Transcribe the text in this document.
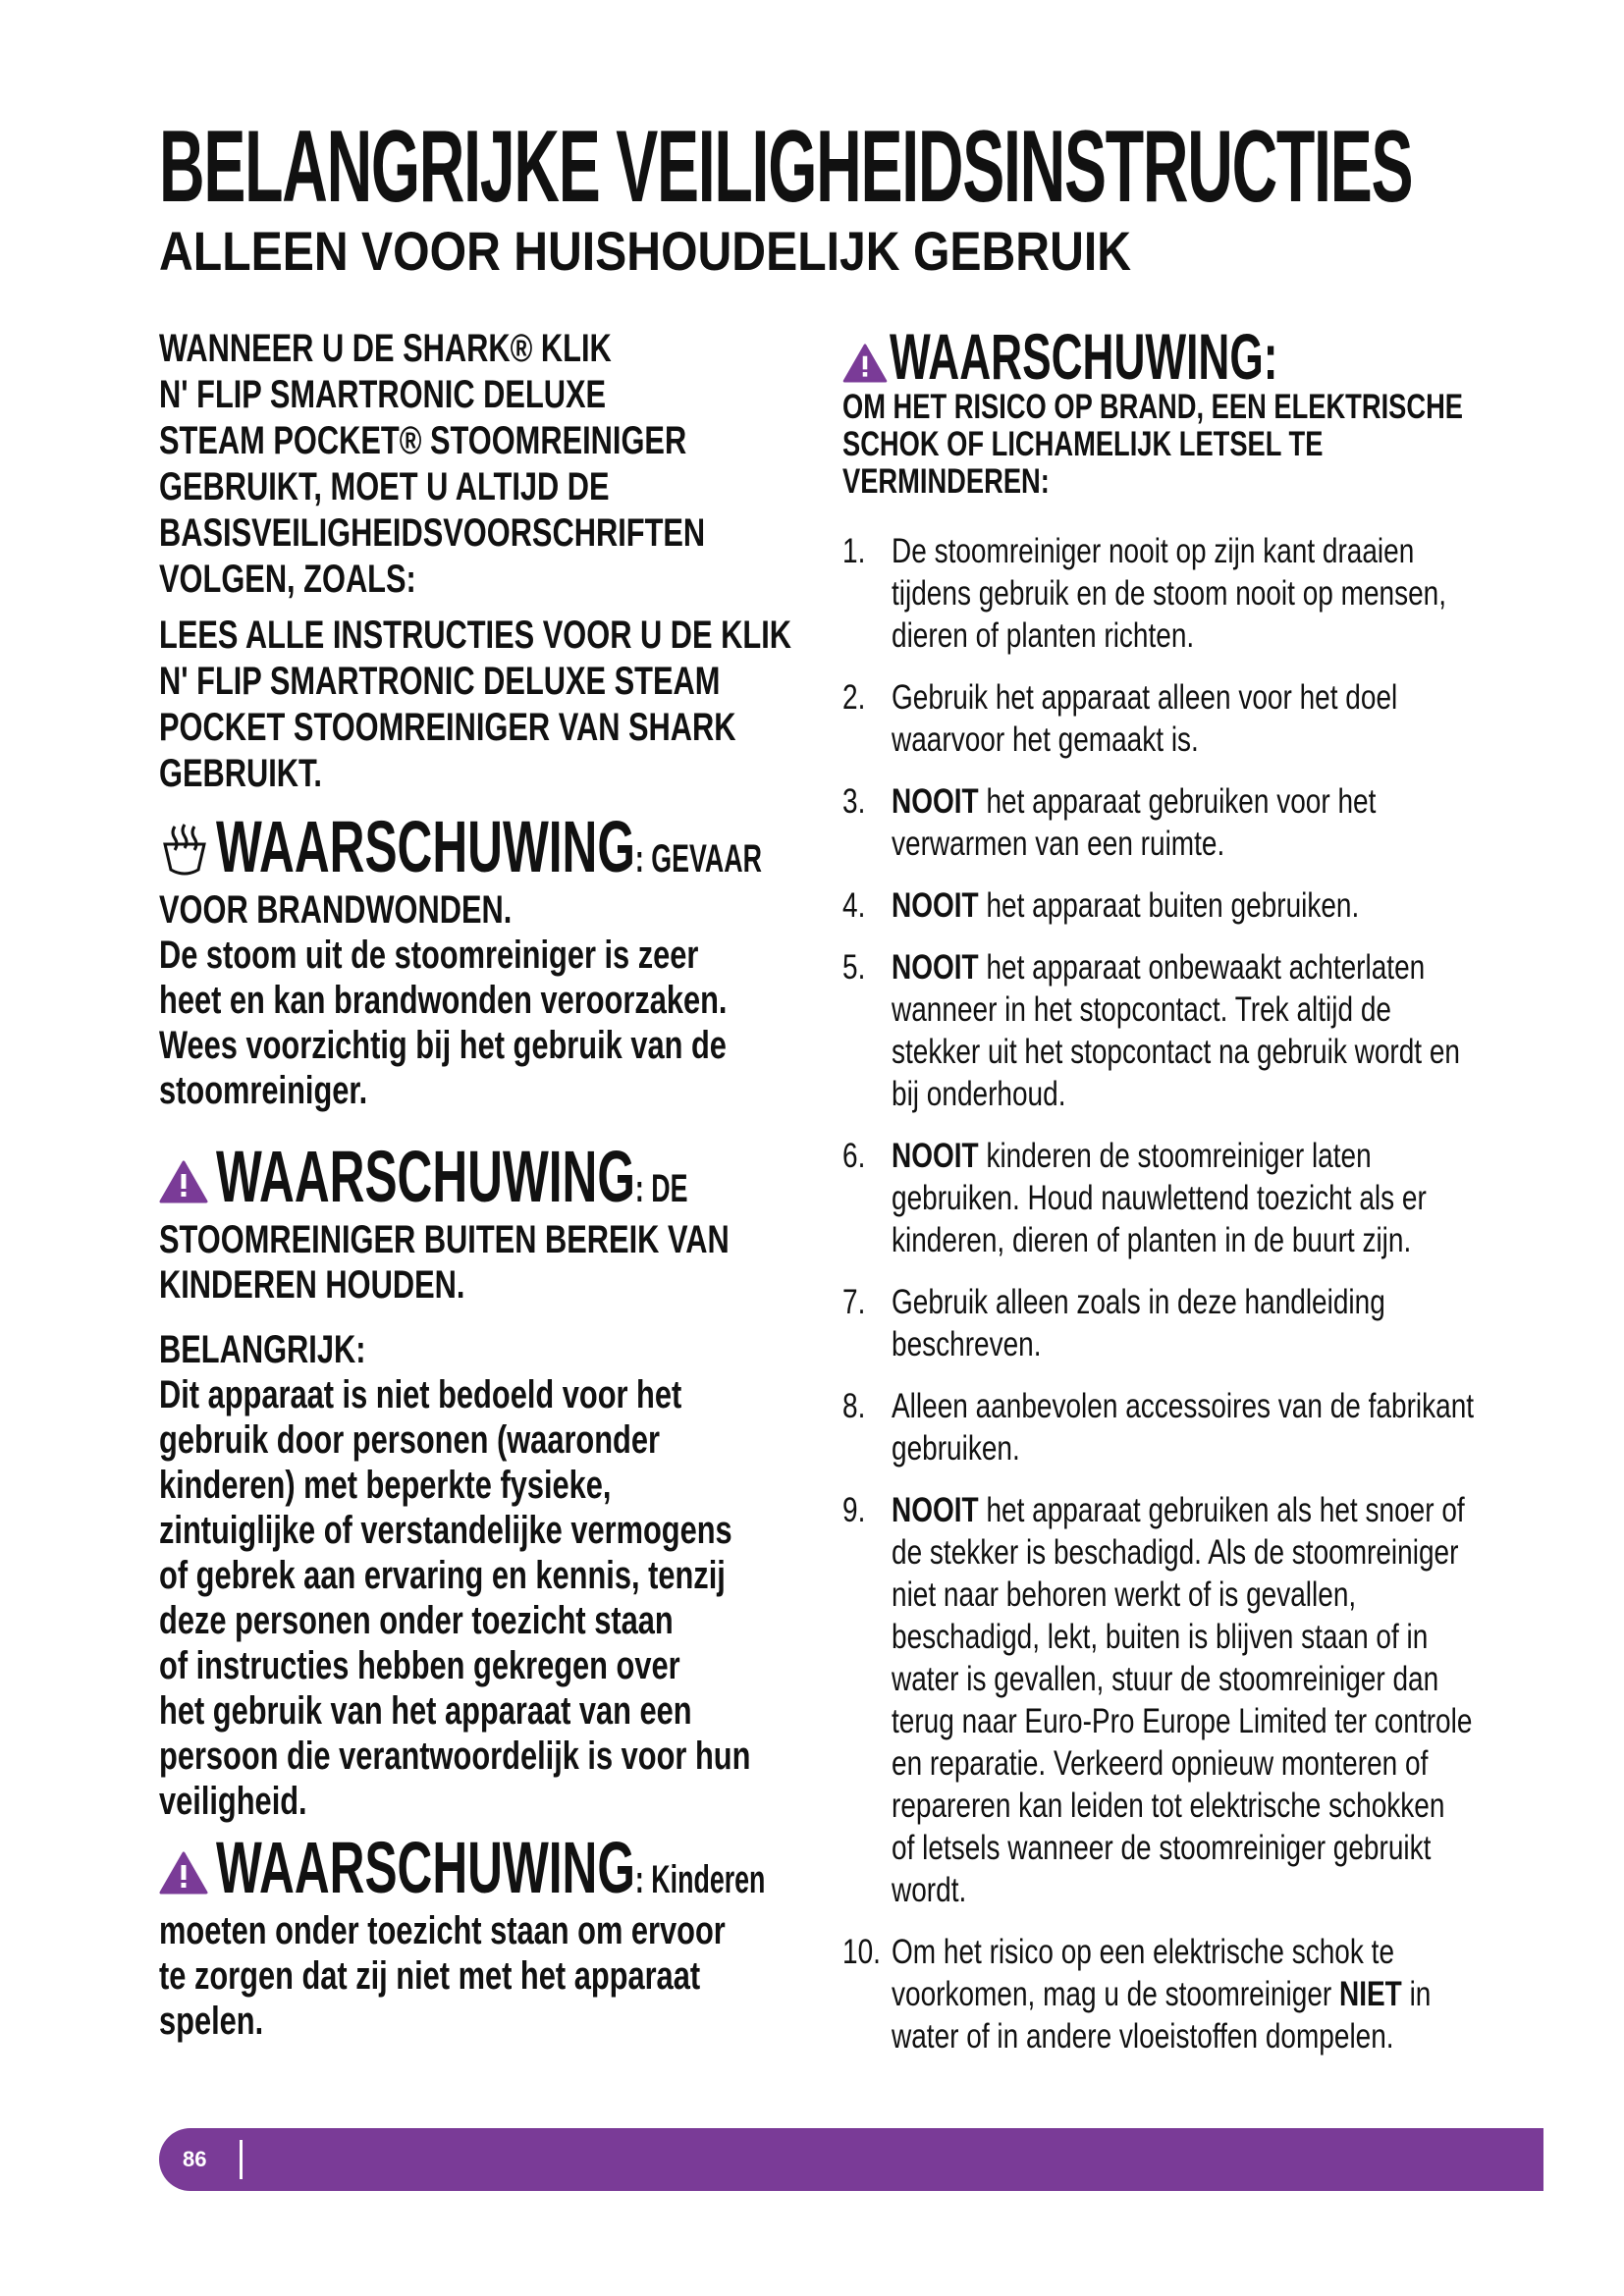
BELANGRIJKE VEILIGHEIDSINSTRUCTIES
ALLEEN VOOR HUISHOUDELIJK GEBRUIK
WANNEER U DE SHARK® KLIK
N' FLIP SMARTRONIC DELUXE
STEAM POCKET® STOOMREINIGER
GEBRUIKT, MOET U ALTIJD DE
BASISVEILIGHEIDSVOORSCHRIFTEN
VOLGEN, ZOALS:
LEES ALLE INSTRUCTIES VOOR U DE KLIK
N' FLIP SMARTRONIC DELUXE STEAM
POCKET STOOMREINIGER VAN SHARK
GEBRUIKT.
WAARSCHUWING: GEVAAR
VOOR BRANDWONDEN.
De stoom uit de stoomreiniger is zeer
heet en kan brandwonden veroorzaken.
Wees voorzichtig bij het gebruik van de
stoomreiniger.
WAARSCHUWING: DE
STOOMREINIGER BUITEN BEREIK VAN
KINDEREN HOUDEN.
BELANGRIJK:
Dit apparaat is niet bedoeld voor het
gebruik door personen (waaronder
kinderen) met beperkte fysieke,
zintuiglijke of verstandelijke vermogens
of gebrek aan ervaring en kennis, tenzij
deze personen onder toezicht staan
of instructies hebben gekregen over
het gebruik van het apparaat van een
persoon die verantwoordelijk is voor hun
veiligheid.
WAARSCHUWING: Kinderen
moeten onder toezicht staan om ervoor
te zorgen dat zij niet met het apparaat
spelen.
WAARSCHUWING:
OM HET RISICO OP BRAND, EEN ELEKTRISCHE
SCHOK OF LICHAMELIJK LETSEL TE
VERMINDEREN:
1. De stoomreiniger nooit op zijn kant draaien
tijdens gebruik en de stoom nooit op mensen,
dieren of planten richten.
2. Gebruik het apparaat alleen voor het doel
waarvoor het gemaakt is.
3. NOOIT het apparaat gebruiken voor het
verwarmen van een ruimte.
4. NOOIT het apparaat buiten gebruiken.
5. NOOIT het apparaat onbewaakt achterlaten
wanneer in het stopcontact. Trek altijd de
stekker uit het stopcontact na gebruik wordt en
bij onderhoud.
6. NOOIT kinderen de stoomreiniger laten
gebruiken. Houd nauwlettend toezicht als er
kinderen, dieren of planten in de buurt zijn.
7. Gebruik alleen zoals in deze handleiding
beschreven.
8. Alleen aanbevolen accessoires van de fabrikant
gebruiken.
9. NOOIT het apparaat gebruiken als het snoer of
de stekker is beschadigd. Als de stoomreiniger
niet naar behoren werkt of is gevallen,
beschadigd, lekt, buiten is blijven staan of in
water is gevallen, stuur de stoomreiniger dan
terug naar Euro-Pro Europe Limited ter controle
en reparatie. Verkeerd opnieuw monteren of
repareren kan leiden tot elektrische schokken
of letsels wanneer de stoomreiniger gebruikt
wordt.
10. Om het risico op een elektrische schok te
voorkomen, mag u de stoomreiniger NIET in
water of in andere vloeistoffen dompelen.
86
